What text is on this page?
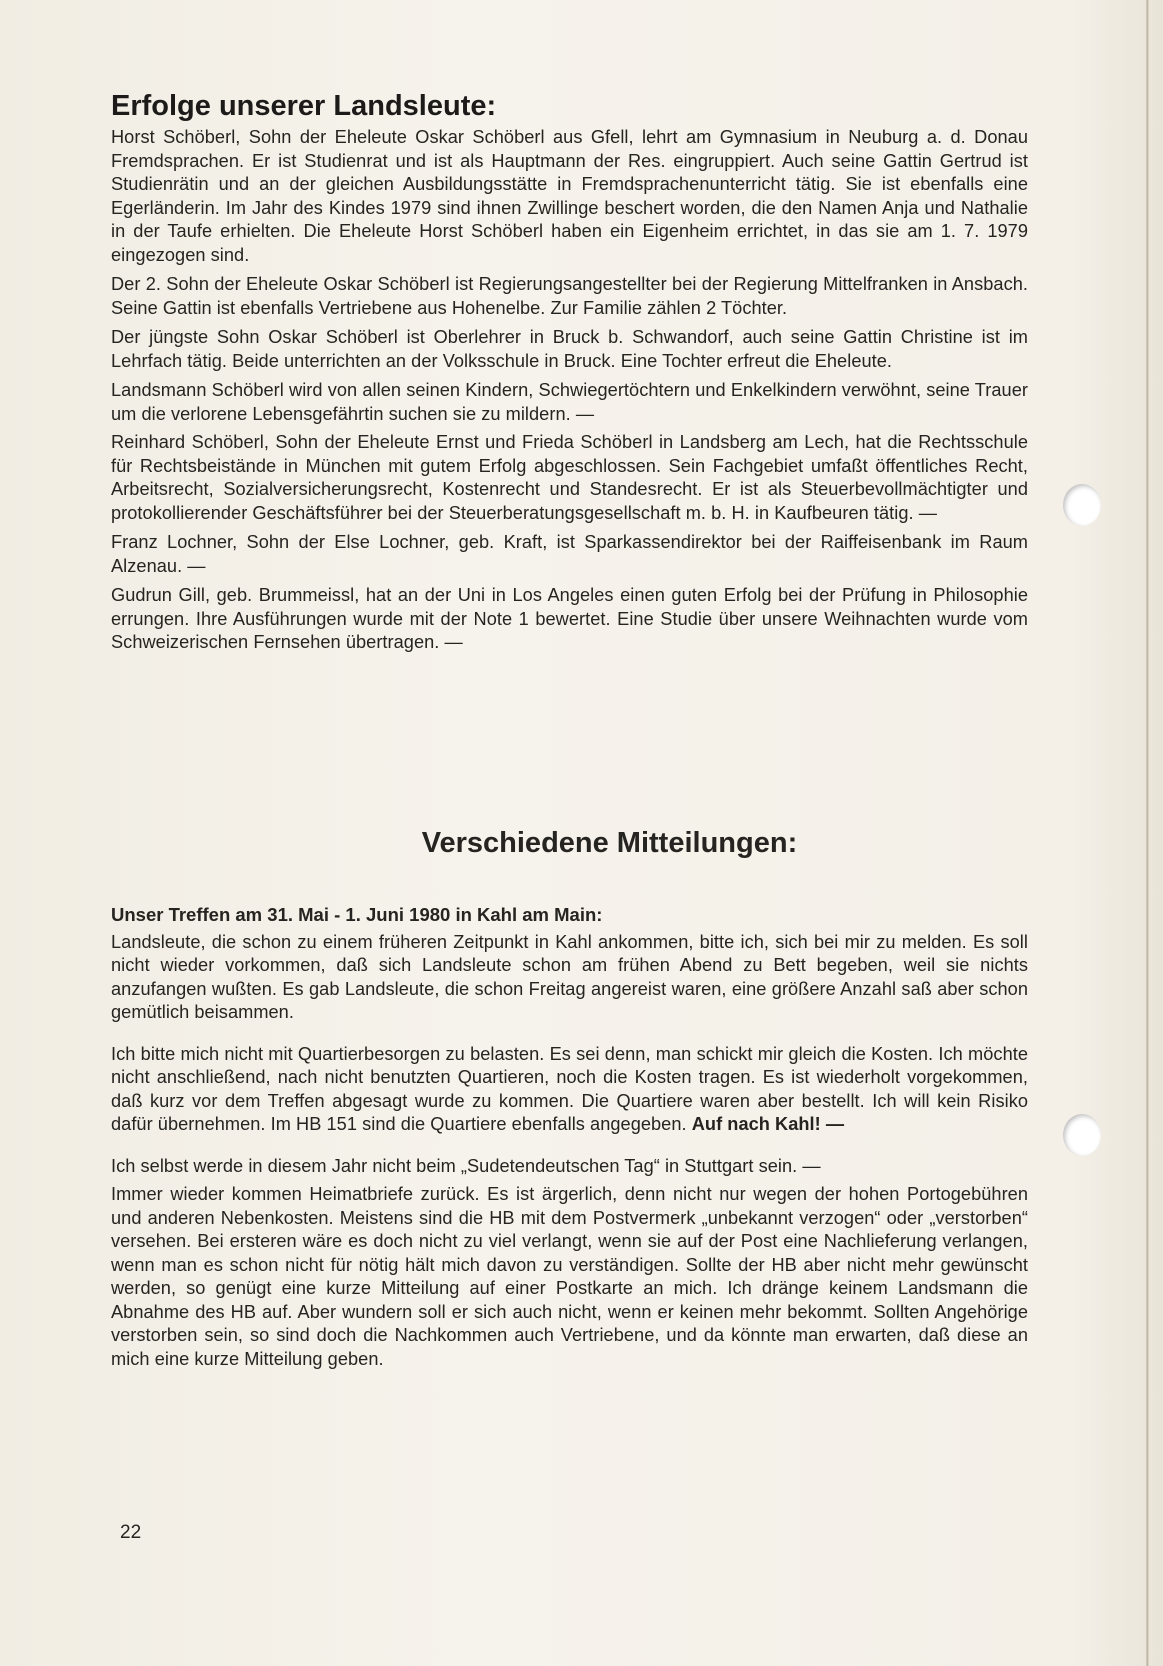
Erfolge unserer Landsleute:

Horst Schöberl, Sohn der Eheleute Oskar Schöberl aus Gfell, lehrt am Gymnasium in Neuburg a. d. Donau Fremdsprachen. Er ist Studienrat und ist als Hauptmann der Res. eingruppiert. Auch seine Gattin Gertrud ist Studienrätin und an der gleichen Ausbildungsstätte in Fremdsprachenunterricht tätig. Sie ist ebenfalls eine Egerländerin. Im Jahr des Kindes 1979 sind ihnen Zwillinge beschert worden, die den Namen Anja und Nathalie in der Taufe erhielten. Die Eheleute Horst Schöberl haben ein Eigenheim errichtet, in das sie am 1. 7. 1979 eingezogen sind.

Der 2. Sohn der Eheleute Oskar Schöberl ist Regierungsangestellter bei der Regierung Mittelfranken in Ansbach. Seine Gattin ist ebenfalls Vertriebene aus Hohenelbe. Zur Familie zählen 2 Töchter.

Der jüngste Sohn Oskar Schöberl ist Oberlehrer in Bruck b. Schwandorf, auch seine Gattin Christine ist im Lehrfach tätig. Beide unterrichten an der Volksschule in Bruck. Eine Tochter erfreut die Eheleute.

Landsmann Schöberl wird von allen seinen Kindern, Schwiegertöchtern und Enkelkindern verwöhnt, seine Trauer um die verlorene Lebensgefährtin suchen sie zu mildern. —

Reinhard Schöberl, Sohn der Eheleute Ernst und Frieda Schöberl in Landsberg am Lech, hat die Rechtsschule für Rechtsbeistände in München mit gutem Erfolg abgeschlossen. Sein Fachgebiet umfaßt öffentliches Recht, Arbeitsrecht, Sozialversicherungsrecht, Kostenrecht und Standesrecht. Er ist als Steuerbevollmächtigter und protokollierender Geschäftsführer bei der Steuerberatungsgesellschaft m. b. H. in Kaufbeuren tätig. —

Franz Lochner, Sohn der Else Lochner, geb. Kraft, ist Sparkassendirektor bei der Raiffeisenbank im Raum Alzenau. —

Gudrun Gill, geb. Brummeissl, hat an der Uni in Los Angeles einen guten Erfolg bei der Prüfung in Philosophie errungen. Ihre Ausführungen wurde mit der Note 1 bewertet. Eine Studie über unsere Weihnachten wurde vom Schweizerischen Fernsehen übertragen. —

Verschiedene Mitteilungen:

Unser Treffen am 31. Mai - 1. Juni 1980 in Kahl am Main:

Landsleute, die schon zu einem früheren Zeitpunkt in Kahl ankommen, bitte ich, sich bei mir zu melden. Es soll nicht wieder vorkommen, daß sich Landsleute schon am frühen Abend zu Bett begeben, weil sie nichts anzufangen wußten. Es gab Landsleute, die schon Freitag angereist waren, eine größere Anzahl saß aber schon gemütlich beisammen.

Ich bitte mich nicht mit Quartierbesorgen zu belasten. Es sei denn, man schickt mir gleich die Kosten. Ich möchte nicht anschließend, nach nicht benutzten Quartieren, noch die Kosten tragen. Es ist wiederholt vorgekommen, daß kurz vor dem Treffen abgesagt wurde zu kommen. Die Quartiere waren aber bestellt. Ich will kein Risiko dafür übernehmen. Im HB 151 sind die Quartiere ebenfalls angegeben. Auf nach Kahl! —

Ich selbst werde in diesem Jahr nicht beim „Sudetendeutschen Tag“ in Stuttgart sein. —

Immer wieder kommen Heimatbriefe zurück. Es ist ärgerlich, denn nicht nur wegen der hohen Portogebühren und anderen Nebenkosten. Meistens sind die HB mit dem Postvermerk „unbekannt verzogen“ oder „verstorben“ versehen. Bei ersteren wäre es doch nicht zu viel verlangt, wenn sie auf der Post eine Nachlieferung verlangen, wenn man es schon nicht für nötig hält mich davon zu verständigen. Sollte der HB aber nicht mehr gewünscht werden, so genügt eine kurze Mitteilung auf einer Postkarte an mich. Ich dränge keinem Landsmann die Abnahme des HB auf. Aber wundern soll er sich auch nicht, wenn er keinen mehr bekommt. Sollten Angehörige verstorben sein, so sind doch die Nachkommen auch Vertriebene, und da könnte man erwarten, daß diese an mich eine kurze Mitteilung geben.

22
